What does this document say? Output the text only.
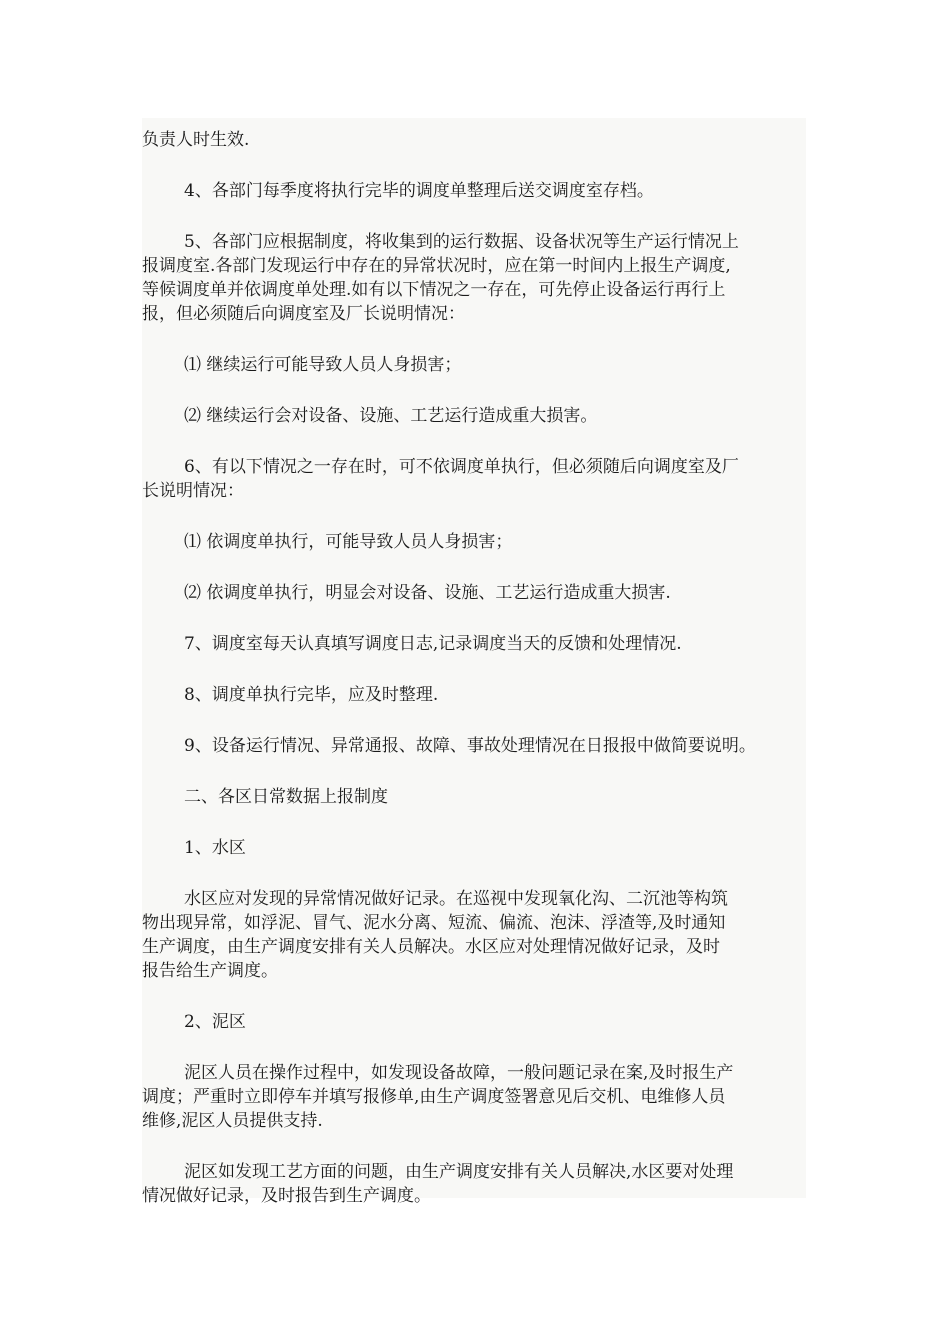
负责人时生效.
4、各部门每季度将执行完毕的调度单整理后送交调度室存档。
5、各部门应根据制度，将收集到的运行数据、设备状况等生产运行情况上
报调度室.各部门发现运行中存在的异常状况时，应在第一时间内上报生产调度,
等候调度单并依调度单处理.如有以下情况之一存在，可先停止设备运行再行上
报，但必须随后向调度室及厂长说明情况：
⑴ 继续运行可能导致人员人身损害；
⑵ 继续运行会对设备、设施、工艺运行造成重大损害。
6、有以下情况之一存在时，可不依调度单执行，但必须随后向调度室及厂
长说明情况：
⑴ 依调度单执行，可能导致人员人身损害；
⑵ 依调度单执行，明显会对设备、设施、工艺运行造成重大损害.
7、调度室每天认真填写调度日志,记录调度当天的反馈和处理情况.
8、调度单执行完毕，应及时整理.
9、设备运行情况、异常通报、故障、事故处理情况在日报报中做简要说明。
二、各区日常数据上报制度
1、水区
水区应对发现的异常情况做好记录。在巡视中发现氧化沟、二沉池等构筑
物出现异常，如浮泥、冒气、泥水分离、短流、偏流、泡沫、浮渣等,及时通知
生产调度，由生产调度安排有关人员解决。水区应对处理情况做好记录，及时
报告给生产调度。
2、泥区
泥区人员在操作过程中，如发现设备故障，一般问题记录在案,及时报生产
调度；严重时立即停车并填写报修单,由生产调度签署意见后交机、电维修人员
维修,泥区人员提供支持.
泥区如发现工艺方面的问题，由生产调度安排有关人员解决,水区要对处理
情况做好记录，及时报告到生产调度。
